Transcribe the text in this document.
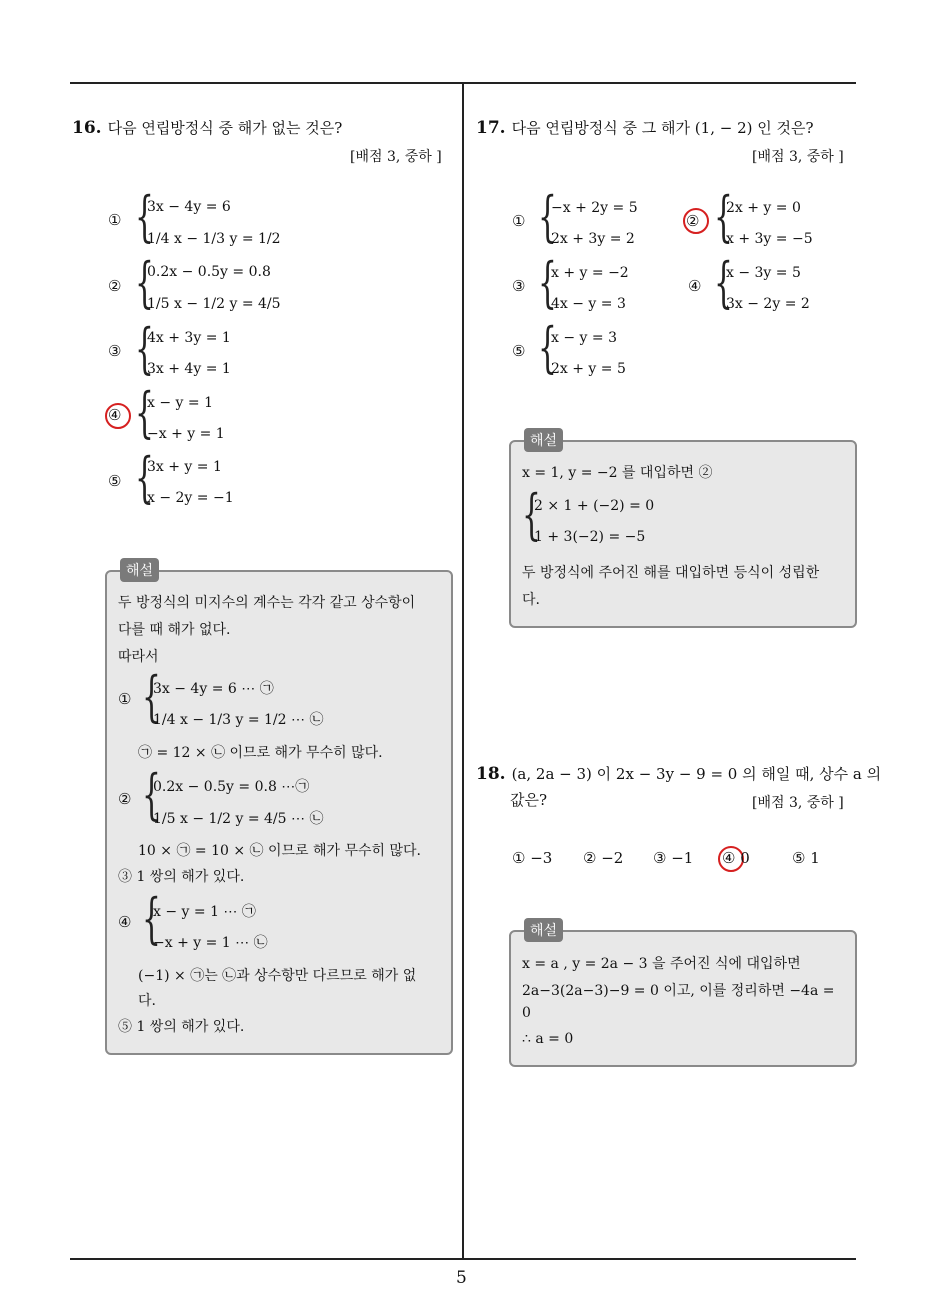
5
16. 다음 연립방정식 중 해가 없는 것은?
[배점 3, 중하 ]
① {
3x − 4y = 6
1/4 x − 1/3 y = 1/2
② {
0.2x − 0.5y = 0.8
1/5 x − 1/2 y = 4/5
③ {
4x + 3y = 1
3x + 4y = 1
④ {
x − y = 1
−x + y = 1
⑤ {
3x + y = 1
x − 2y = −1
해설
두 방정식의 미지수의 계수는 각각 같고 상수항이
다를 때 해가 없다.
따라서
① {
3x − 4y = 6 ⋯ ㉠
1/4 x − 1/3 y = 1/2 ⋯ ㉡
㉠ = 12 × ㉡ 이므로 해가 무수히 많다.
② {
0.2x − 0.5y = 0.8 ⋯㉠
1/5 x − 1/2 y = 4/5 ⋯ ㉡
10 × ㉠ = 10 × ㉡ 이므로 해가 무수히 많다.
③ 1 쌍의 해가 있다.
④ {
x − y = 1 ⋯ ㉠
−x + y = 1 ⋯ ㉡
(−1) × ㉠는 ㉡과 상수항만 다르므로 해가 없
다.
⑤ 1 쌍의 해가 있다.
17. 다음 연립방정식 중 그 해가 (1, − 2) 인 것은?
[배점 3, 중하 ]
① {
−x + 2y = 5
2x + 3y = 2
② {
2x + y = 0
x + 3y = −5
③ {
x + y = −2
4x − y = 3
④ {
x − 3y = 5
3x − 2y = 2
⑤ {
x − y = 3
2x + y = 5
해설
x = 1, y = −2 를 대입하면 ②
{
2 × 1 + (−2) = 0
1 + 3(−2) = −5
두 방정식에 주어진 해를 대입하면 등식이 성립한
다.
18. (a, 2a − 3) 이 2x − 3y − 9 = 0 의 해일 때, 상수 a 의
값은?	[배점 3, 중하 ]
① −3 ② −2 ③ −1 ④ 0	⑤ 1
해설
x = a , y = 2a − 3 을 주어진 식에 대입하면
2a−3(2a−3)−9 = 0 이고, 이를 정리하면 −4a =
0
∴ a = 0
